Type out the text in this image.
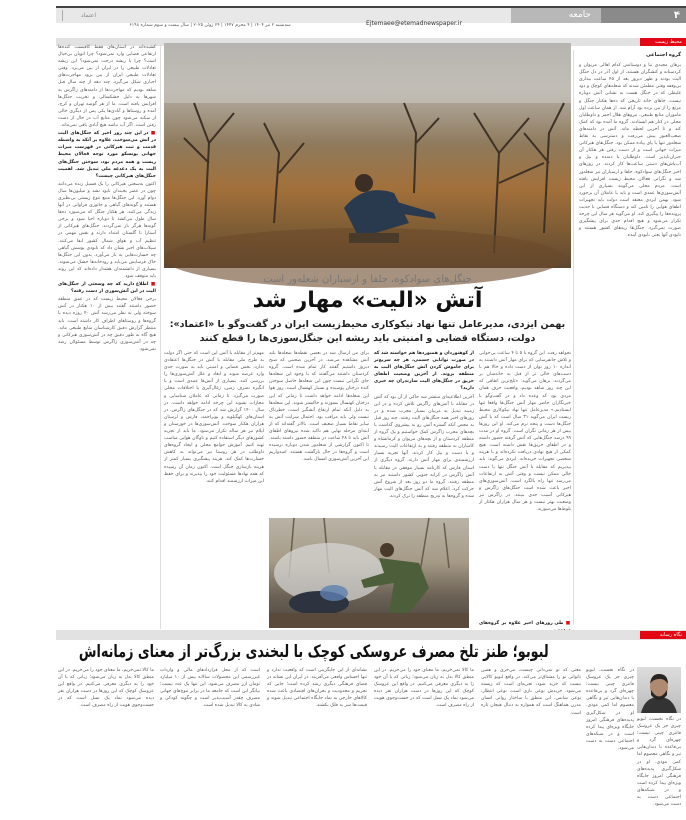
۴
جامعه
Ejtemaee@etemadnewspaper.ir
سه‌شنبه ۲ تیر ۱۴۰۴ | ۴ محرم ۱۴۴۷ | ۲۴ ژوئن ۲۰۲۵ | سال بیست و سوم شماره ۶۱۹۸
اعتماد
محیط زیست

گروه اجتماعی

برهان مجیدی نیا و دوستانش کدام اهالی مریوان و کردستانه و کنشگران هستند، از اول آذر در دل جنگل الیت بودند و ظهر دیروز بعد از ۴۵ ساعت بیداری بی‌وقفه وقتی مطمئن شدند که شعله‌های کوچک و دود غلیظی که در جنگل هست به نشانی آتش دوباره نیست، جاهای خانه تاریخی که ده‌ها هکتار جنگل و مرتع را از بین برده بود آرام شد. از همان ساعت اول ماموران منابع طبیعی، نیروهای هلال احمر و داوطلبان محلی در کنار هم ایستادند. گروه ما آمده بود که کمک کند و تا آخرین لحظه ماند. آتش در دامنه‌های صعب‌العبور پیش می‌رفت و دسترسی به نقاط شعله‌ور تنها با پای پیاده ممکن بود. جنگل‌های هیرکانی میراث جهانی است و از دست رفتن هر هکتار آن جبران‌ناپذیر است. داوطلبان با دمنده و بیل و آب‌پاش‌های دستی ساعت‌ها کار کردند. در روزهای اخیر جنگل‌های سوادکوه، جلفا و ارسباران نیز شعله‌ور شد و نگرانی فعالان محیط زیست افزایش یافته است. مردم محلی می‌گویند بسیاری از این آتش‌سوزی‌ها عمدی است و باید با عاملان آن برخورد شود. بهمن ایزدی معتقد است دولت باید تجهیزات اطفای هوایی را تامین کند و دستگاه قضایی با جدیت پرونده‌ها را پیگیری کند. او می‌گوید هر سال این چرخه تکرار می‌شود و هیچ اقدام جدی برای پیشگیری صورت نمی‌گیرد. جنگل‌ها ریه‌های کشور هستند و نابودی آنها یعنی نابودی آینده.

جنگل‌های سوادکوه، جلفا و ارسباران شعله‌ور است
آتش «الیت» مهار شد
بهمن ایزدی، مدیرعامل تنها نهاد نیکوکاری محیط‌زیست ایران در گفت‌وگو با «اعتماد»:
دولت، دستگاه قضایی و امنیتی باید ریشه این جنگل‌سوزی‌ها را قطع کنند

نخواهد رفت. این گروه با ۵ تا ۴ ساعت بی‌خوابی و تلاش جانفرسایی که برای مهار آتش داشتند به اندازه ۱۰ روز توان از دست داده و حالا هم با دست‌های خالی تر از قبل به خانه‌شان بر می‌گردند. برهان می‌گوید: «تلخ‌ترین اتفاقی که این چند روز شاهد بودیم، واقعیت حرف همان مردی بود که وعده داد و در گفت‌وگو با خبرنگاران حاضر مهار آتش جنگل‌ها واقعا تنها ایستادیم.» مدیرعامل تنها نهاد نیکوکاری محیط زیست ایران می‌گوید ۳۱ سال است که با آتش جنگل‌ها دست و پنجه نرم می‌کند. او این روزها بیش از هر زمانی نگران است. گروه او در مدت ۹۹ درصد جنگل‌هایی که آتش گرفته حضور داشته و در اطفای حریق‌ها نقش داشته است. هیچ کمکی از هیچ نهادی دریافت نکرده‌اند و با هزینه شخصی تجهیزات خریده‌اند. ایزدی می‌گوید: باید بپذیریم که مقابله با آتش جنگل تنها با دست خالی ممکن نیست و وقتی آتش به ارتفاعات می‌رسد تنها راه بالگرد است. آتش‌سوزی‌های اخیر باعث شده است جنگل‌های زاگرس و هیرکانی آسیب جدی ببینند. در زاگرس نیز وضعیت بهتر نیست و هر سال هزاران هکتار از بلوط‌ها می‌سوزند.

■ طی روزهای اخیر علاوه بر گروه‌های

از کوهنوردان و همنوردها هم خواسته شد که در صورت توانایی جسمی، هر چه سریع‌تر برای خاموش کردن آتش جنگل‌های الیت به منطقه بروند. از آخرین وضعیت اطفای حریق در جنگل‌های الیت سازندران چه خبری دارید؟

آخرین اطلاعیه‌ای منتشر شد حاکی از آن بود که آتش در مقابله با آتش‌های زاگرس تلاش کرده و در این زمینه تبدیل به مربیان بسیار مجرب شده و در روزهای اخیر همه جنگل‌های الیت رفتند. چند روز قبل به محض آنکه گستره آتش رو به پیشروی گذاشت با بچه‌های مجرب زاگرس کمک خواستیم و یک گروه از منطقه کردستان و از بچه‌های مریوان و کرمانشاه و کامیاران به منطقه رفتند و به ارتفاعات الیت رسیدند و با دست و بیل کار کردند. آنها تجربه بسیار ارزشمندی برای مهار آتش دارند. گروه دیگری از استان فارس که کارنامه بسیار موفقی در مقابله با آتش زاگرس در کرانه جنوبی کشور داشتند نیز به منطقه رفتند. گروه ما دو روز بعد از شروع آتش حرکت کرد. اعلام شد که آتش جنگل‌های الیت مهار شده و گروه‌ها به تدریج منطقه را ترک کردند.

برای من ارسال شد در بعضی نقطه‌ها شعله‌ها بلند آتش مشاهده می‌شد. در آخرین صحبتی که صبح دیروز داشتیم گفتند کار تمام شده است. گروه کردستان داشتند می‌گفتند که با وجود این شعله‌ها جای نگرانی نیست چون این شعله‌ها حاصل سوختن کنده درختان پوسیده و بسیار کهنسال است. روز هوا این شعله‌ها ادامه خواهد داشت تا زمانی که این درختان کهنسال بسوزند و خاکستر شوند. این شعله‌ها به دلیل آنکه تمام ارتفاع آتشگیر است، خطرناک نیست ولی باید مراقب بود. احتمال سرایت آتش به سایر نقاط بسیار ضعیف است. بالاتر گفته‌اند که از ابتدای مرحله نهایی هم تاکید شده نیروهای اطفای آتش باید تا ۴۸ ساعت در منطقه حضور داشته باشند. تا اکنون گزارشی از شعله‌ور شدن دوباره نرسیده است و گروه‌ها در حال بازگشت هستند. امیدواریم این آخرین آتش‌سوزی امسال باشد.

مهم‌تر از مقابله با آتش این است که حتی اگر دولت به طرح ملی مقابله با آتش در جنگل‌ها اعتقادی ندارد، بخش قضایی و امنیتی باید به صورت جدی وارد عرصه شوند و ابعاد و علل آتش‌سوزی‌ها را بررسی کنند. بسیاری از آتش‌ها عمدی است و با انگیزه تصرف زمین، زغال‌گیری یا اختلافات محلی صورت می‌گیرد. تا زمانی که عاملان شناسایی و مجازات نشوند این چرخه ادامه خواهد داشت. در سال ۱۴۰۰ گزارش شد که در جنگل‌های زاگرس، در استان‌های کهگیلویه و بویراحمد، فارس و لرستان هزاران هکتار سوخت. آتش‌سوزی‌ها در خوزستان و ایلام نیز هر ساله تکرار می‌شود. ما باید از تجربه کشورهای دیگر استفاده کنیم و ناوگان هوایی مناسب تهیه کنیم. آموزش جوامع محلی و ایجاد گروه‌های داوطلب در هر روستا نیز می‌تواند به کاهش خسارت‌ها کمک کند. هزینه پیشگیری بسیار کمتر از هزینه بازسازی جنگل است. اکنون زمان آن رسیده که همه نهادها مسئولیت خود را بپذیرند و برای حفظ این میراث ارزشمند اقدام کنند.

کشیده‌اند در استان‌های فقط کافیست کنده‌ها ارتفاعی فضایی وارد نمی‌شود؟ چرا اتوبان بی‌خیال است؟ چرا با ریشه درخت نمی‌شود؟ این ریشه تعادلات طبیعی را در ایران از بین می‌برد. وقتی تعادلات طبیعی ایران از بین برود مهاجرت‌های اجباری شکل می‌گیرد. چند دهه از چند سال قبل شاهد بودیم که مهاجرت‌ها از دامنه‌های زاگرس به شهرها به دلیل خشکسالی و تخریب جنگل‌ها افزایش یافته است. ما از هر گوشه تهران و کرج، آمده و روستاها و آبادی‌ها یکی پس از دیگری خالی از سکنه می‌شود چون منابع آب در حال از دست رفتن است. اگر آب نباشد هیچ آبادی باقی نمی‌ماند.

■ در این چند روز اخیر که جنگل‌های الیت در آتش می‌سوخت، علاوه بر آنکه به واسطه قدمت و ثبت هیرکانی در فهرست میراث جهانی یونسکو مورد توجه فعالان محیط زیست و همه مردم بود، سوختن جنگل‌های الیت به یک دغدغه ملی تبدیل شد. اهمیت جنگل‌های هیرکانی چیست؟

اکنون به‌سختی هیرکانی را یک فسیل زنده می‌دانند چون در عصر یخبندان نابود نشد و میلیون‌ها سال دوام آورد. این جنگل‌ها منبع تنوع زیستی بی‌نظیری هستند و گونه‌های گیاهی و جانوری فراوانی در آنها زندگی می‌کنند. هر هکتار جنگل که می‌سوزد ده‌ها سال طول می‌کشد تا دوباره احیا شود و برخی گونه‌ها هرگز باز نمی‌گردند. جنگل‌های هیرکانی از آستارا تا گلستان امتداد دارند و نقش مهمی در تنظیم آب و هوای شمال کشور ایفا می‌کنند. سیلاب‌های اخیر نشان داد که نابودی پوشش گیاهی چه خسارت‌هایی به بار می‌آورد. بدون این جنگل‌ها خاک فرسایش می‌یابد و رودخانه‌ها خشک می‌شوند. بسیاری از دانشمندان هشدار داده‌اند که این روند باید متوقف شود.

■ اطلاع دارید که چه وسعتی از جنگل‌های الیت در این آتش‌سوزی از دست رفته؟

برخی فعالان محیط زیست که در عمق منطقه حضور داشتند گفتند بیش از ۱۰ هکتار در آتش سوخته ولی به نظر می‌رسد آتش ۴۰ روزه دیده با گروه‌ها و روستاهای اطراف کار داشته است. باید منتظر گزارش دقیق کارشناسان منابع طبیعی ماند. هیچ گاه به طور دقیق چه در آتش‌سوزی هیرکانی و چه در آتش‌سوزی زاگرس توسط مسئولان رصد نمی‌شود.

نگاه رسانه
لبوبو؛ طنز تلخ مصرف عروسکی کوچک با لبخندی بزرگ‌تر از معنای زمانه‌اش

در نگاه نخست، لبوبو چیزی جز یک عروسک فانتزی چینی نیست؛ چهره‌ای گرد و بی‌قاعده با دندان‌هایی تیز و نگاهی معصوم اما کمی موذی. او در شکل‌گیری پدیده‌های فرهنگی امروز جایگاه ویژه‌ای پیدا کرده است و در شبکه‌های اجتماعی دست به دست می‌شود.

در نگاه نخست، لبوبو چیزی جز یک عروسک فانتزی چینی نیست؛ چهره‌ای گرد و بی‌قاعده با دندان‌هایی تیز و نگاهی معصوم اما کمی موذی. او در شکل‌گیری پدیده‌های فرهنگی امروز جایگاه ویژه‌ای پیدا کرده است و در شبکه‌های اجتماعی دست به دست می‌شود.

معنی که تو نمی‌دانی چیست، می‌خری و همین ناتوانی تو را مشتاق‌تر می‌کند. در واقع لبوبو کالایی نیست که خرید شود، تجربه‌ای است که زیسته می‌شود. خریدش نوعی بازی است، نوعی انتظار، نوعی شانس. این منطق با ساختار روانی انسان مدرن هماهنگ است که همواره به دنبال هیجان تازه است.

ما کالا نمی‌خریم، ما معنای خود را می‌خریم. در این منطق کالا بدل به زبان می‌شود؛ زبانی که با آن خود را به دیگری معرفی می‌کنیم. در واقع این عروسک کوچک که این روزها در دست هزاران نفر دیده می‌شود نماد یک نسل است که در جست‌وجوی هویت از راه مصرف است.

نشانه‌ای از این جایگزینی است که واقعیت ندارد و تنها احساس واقعی می‌آفریند. در ایران این نشانه در فضای فرهنگی دیگری رشد کرده است؛ جایی که تحریم و محدودیت و بحران‌های اقتصادی باعث شده کالاهای خارجی به نماد جایگاه اجتماعی تبدیل شوند و قیمت‌ها سر به فلک بکشند.

است که از محل قراردادهای مالی و واردات غیررسمی این محصولات سالانه بیش از ۱۰ میلیارد تومان ارز مصرف می‌شود. این تنها یک عدد نیست؛ بیانگر این است که جامعه ما در برابر موج‌های جهانی مصرف چقدر آسیب‌پذیر است و چگونه کودکی و شادی به کالا تبدیل شده است.

ما کالا نمی‌خریم، ما معنای خود را می‌خریم. در این منطق کالا بدل به زبان می‌شود؛ زبانی که با آن خود را به دیگری معرفی می‌کنیم. در واقع این عروسک کوچک که این روزها در دست هزاران نفر دیده می‌شود نماد یک نسل است که در جست‌وجوی هویت از راه مصرف است.
